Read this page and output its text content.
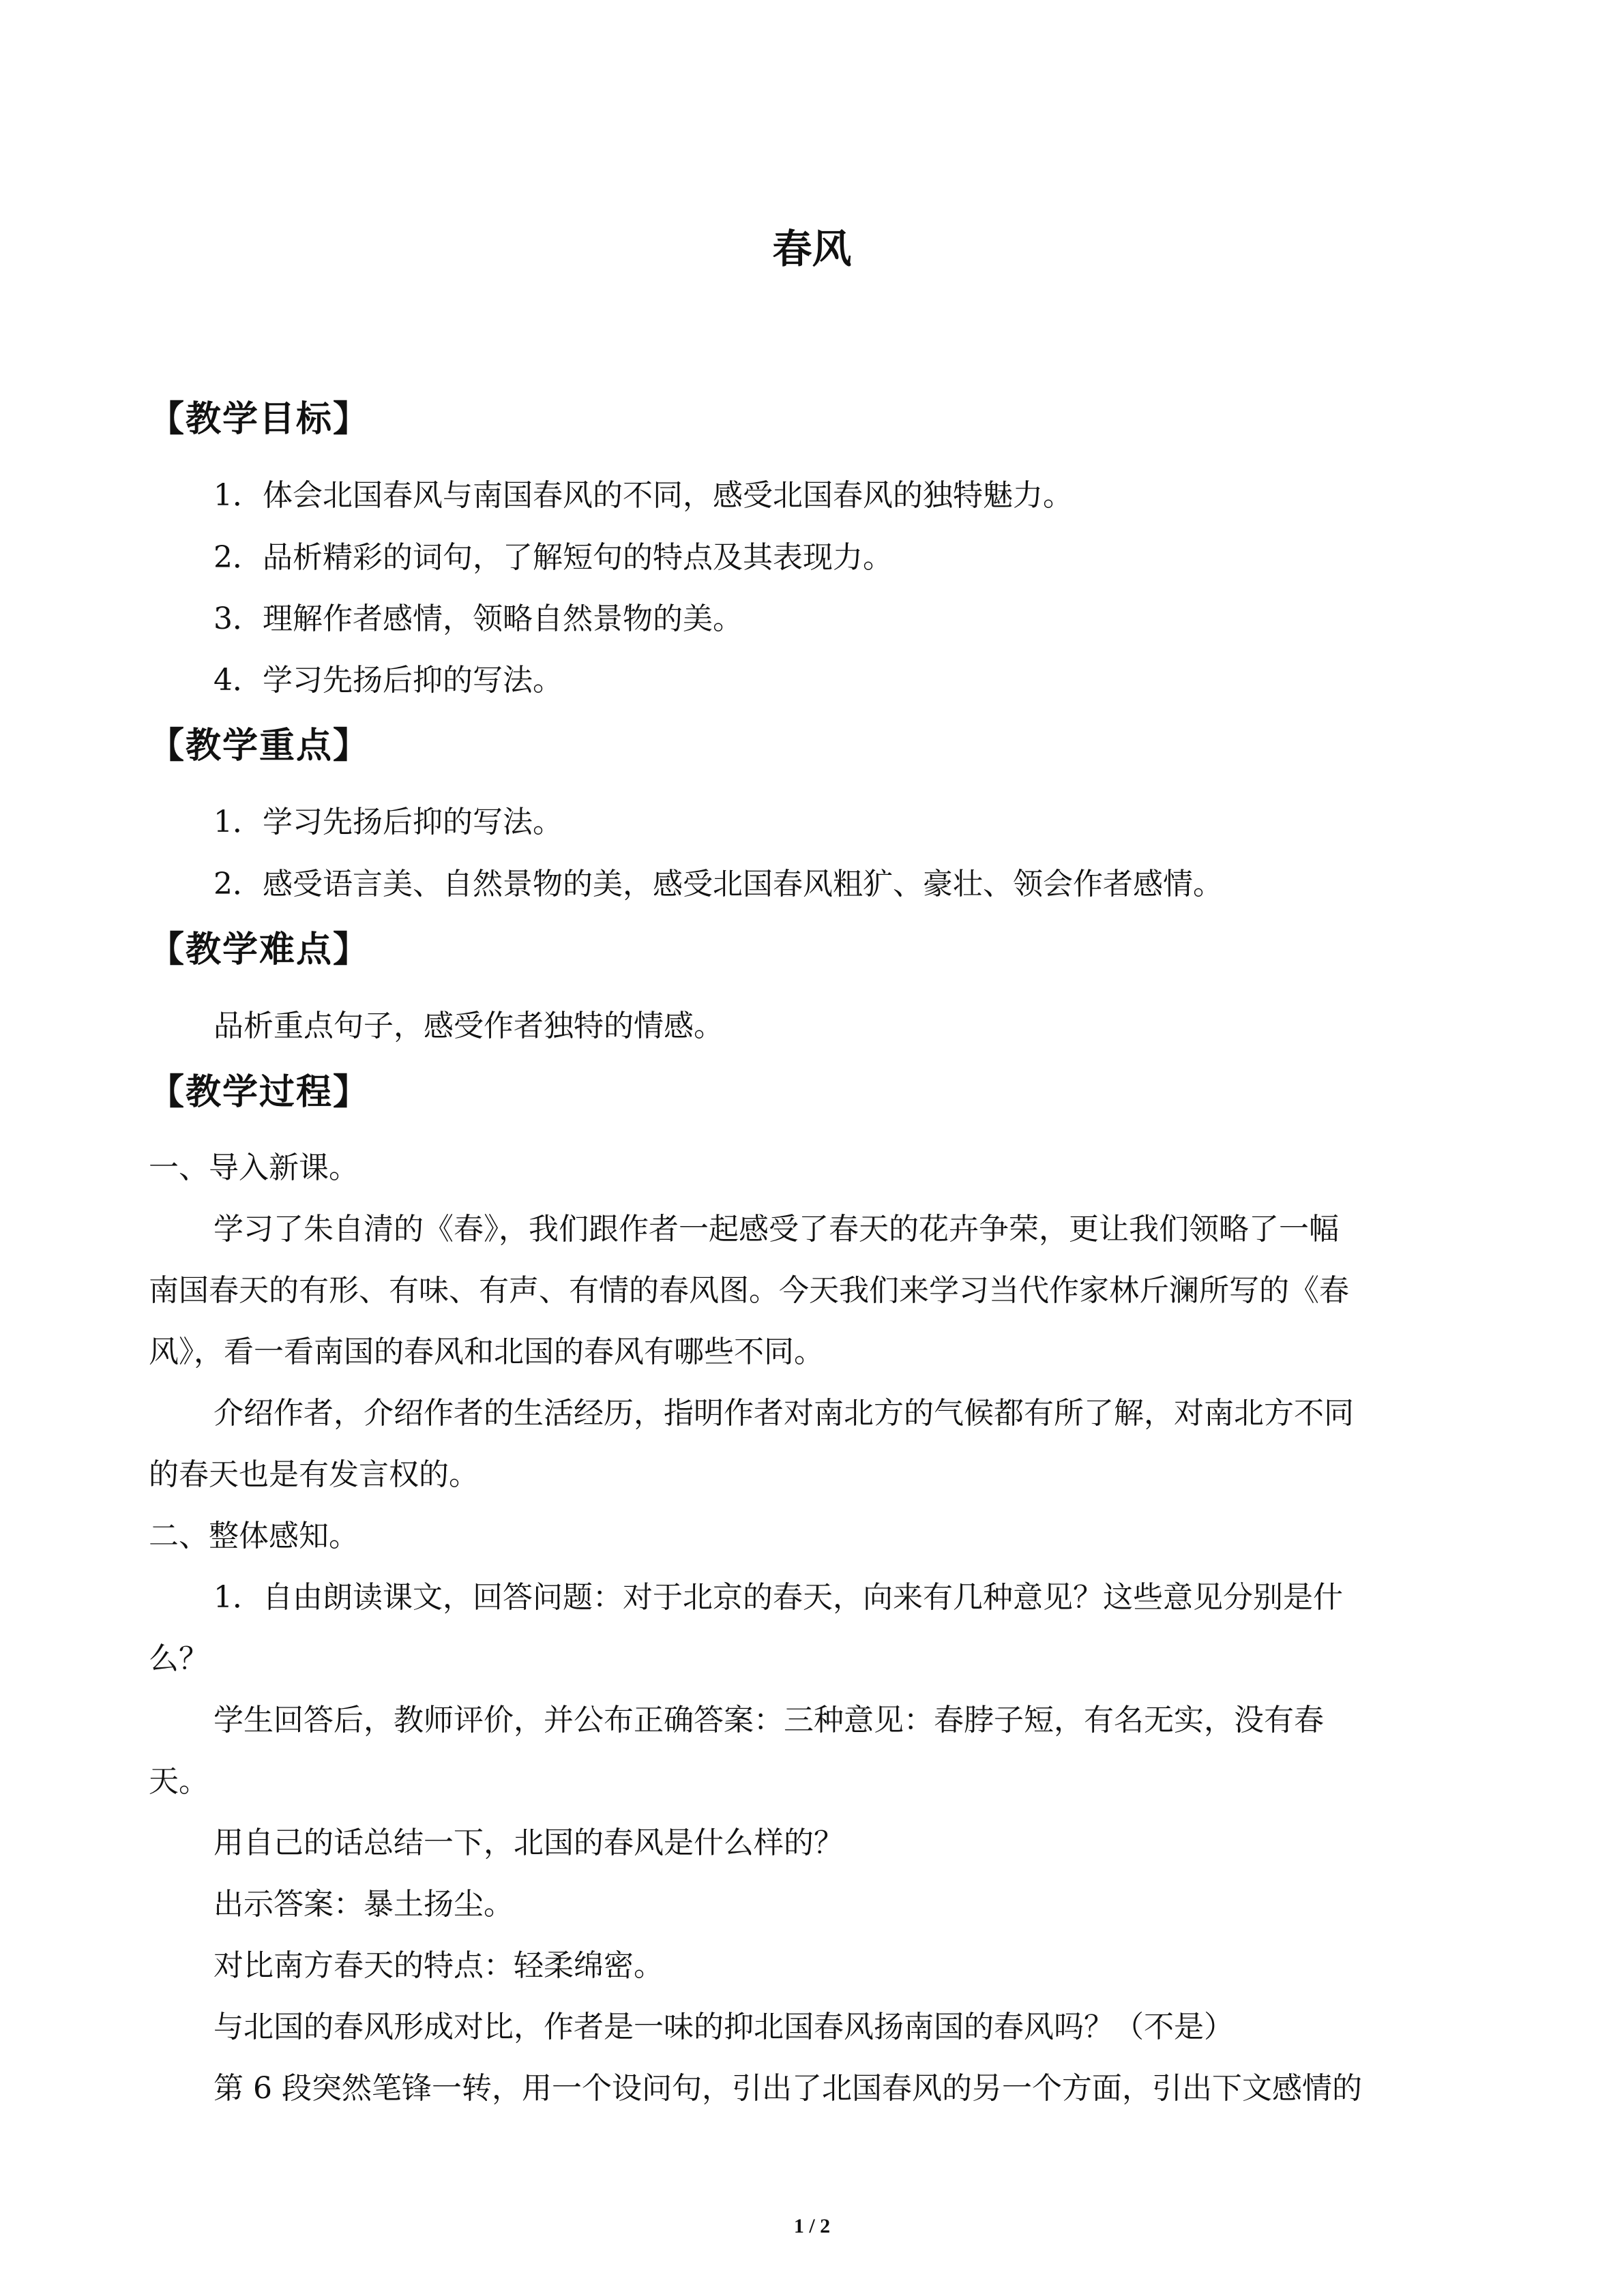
春风
【教学目标】
1．体会北国春风与南国春风的不同，感受北国春风的独特魅力。
2．品析精彩的词句，了解短句的特点及其表现力。
3．理解作者感情，领略自然景物的美。
4．学习先扬后抑的写法。
【教学重点】
1．学习先扬后抑的写法。
2．感受语言美、自然景物的美，感受北国春风粗犷、豪壮、领会作者感情。
【教学难点】
品析重点句子，感受作者独特的情感。
【教学过程】
一、导入新课。
学习了朱自清的《春》，我们跟作者一起感受了春天的花卉争荣，更让我们领略了一幅
南国春天的有形、有味、有声、有情的春风图。今天我们来学习当代作家林斤澜所写的《春
风》，看一看南国的春风和北国的春风有哪些不同。
介绍作者，介绍作者的生活经历，指明作者对南北方的气候都有所了解，对南北方不同
的春天也是有发言权的。
二、整体感知。
1．自由朗读课文，回答问题：对于北京的春天，向来有几种意见？这些意见分别是什
么？
学生回答后，教师评价，并公布正确答案：三种意见：春脖子短，有名无实，没有春
天。
用自己的话总结一下，北国的春风是什么样的？
出示答案：暴土扬尘。
对比南方春天的特点：轻柔绵密。
与北国的春风形成对比，作者是一味的抑北国春风扬南国的春风吗？（不是）
第 6 段突然笔锋一转，用一个设问句，引出了北国春风的另一个方面，引出下文感情的
1 / 2
